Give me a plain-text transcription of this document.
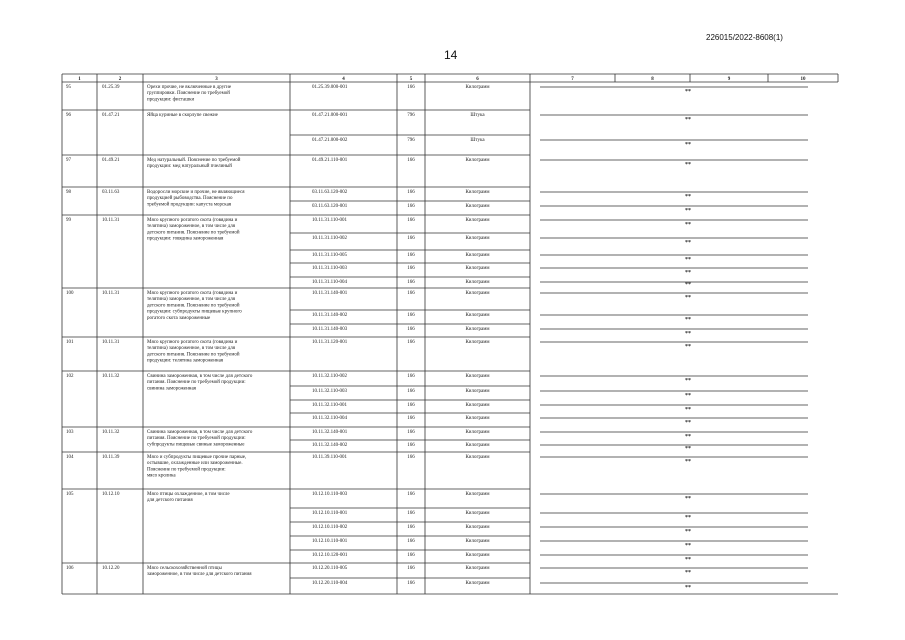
226015/2022-8608(1)
14
1	2	3	4	5	6	7	8	9	10
95	01.25.39	Орехи прочие, не включенные в другие
группировки. Пояснение по требуемой
продукции: фисташки
01.25.39.000-001	166	Килограмм
**
96	01.47.21	Яйца куриные в скорлупе свежие	01.47.21.000-001	796	Штука
**
01.47.21.000-002	796	Штука
**
97	01.49.21	Мед натуральный. Пояснение по требуемой
продукции: мед натуральный пчелиный
01.49.21.110-001	166	Килограмм
**
98	03.11.63	Водоросли морские и прочие, не являющиеся
продукцией рыбоводства. Пояснение по
требуемой продукции: капуста морская
03.11.63.120-002	166	Килограмм
**
03.11.63.120-001	166	Килограмм
**
99	10.11.31	Мясо крупного рогатого скота (говядина и
телятина) замороженное, в том числе для
детского питания. Пояснение по требуемой
продукции: говядина замороженная
10.11.31.110-001	166	Килограмм
**
10.11.31.110-002	166	Килограмм
**
10.11.31.110-005	166	Килограмм
**
10.11.31.110-003	166	Килограмм
**
10.11.31.110-004	166	Килограмм	**
100	10.11.31	Мясо крупного рогатого скота (говядина и
телятина) замороженное, в том числе для
детского питания. Пояснение по требуемой
продукции: субпродукты пищевые крупного
рогатого скота замороженные
10.11.31.140-001	166	Килограмм
**
10.11.31.140-002	166	Килограмм
**
10.11.31.140-003	166	Килограмм
**
101	10.11.31	Мясо крупного рогатого скота (говядина и
телятина) замороженное, в том числе для
детского питания. Пояснение по требуемой
продукции: телятина замороженная
10.11.31.120-001	166	Килограмм
**
102	10.11.32	Свинина замороженная, в том числе для детского
питания. Пояснение по требуемой продукции:
свинина замороженная
10.11.32.110-002	166	Килограмм
**
10.11.32.110-003	166	Килограмм
**
10.11.32.110-001	166	Килограмм
**
10.11.32.110-004	166	Килограмм
**
103	10.11.32	Свинина замороженная, в том числе для детского
питания. Пояснение по требуемой продукции:
субпродукты пищевые свиные замороженные
10.11.32.140-001	166	Килограмм
**
10.11.32.140-002	166	Килограмм
**
104	10.11.39	Мясо и субпродукты пищевые прочие парные,
остывшие, охлажденные или замороженные.
Пояснение по требуемой продукции:
мясо кролика
10.11.39.110-001	166	Килограмм
**
105	10.12.10	Мясо птицы охлажденное, в том числе
для детского питания
10.12.10.110-003	166	Килограмм
**
10.12.10.110-001	166	Килограмм
**
10.12.10.110-002	166	Килограмм
**
10.12.10.110-001	166	Килограмм
**
10.12.10.120-001	166	Килограмм
**
106	10.12.20	Мясо сельскохозяйственной птицы
замороженное, в том числе для детского питания
10.12.20.110-005	166	Килограмм
**
10.12.20.110-004	166	Килограмм
**
